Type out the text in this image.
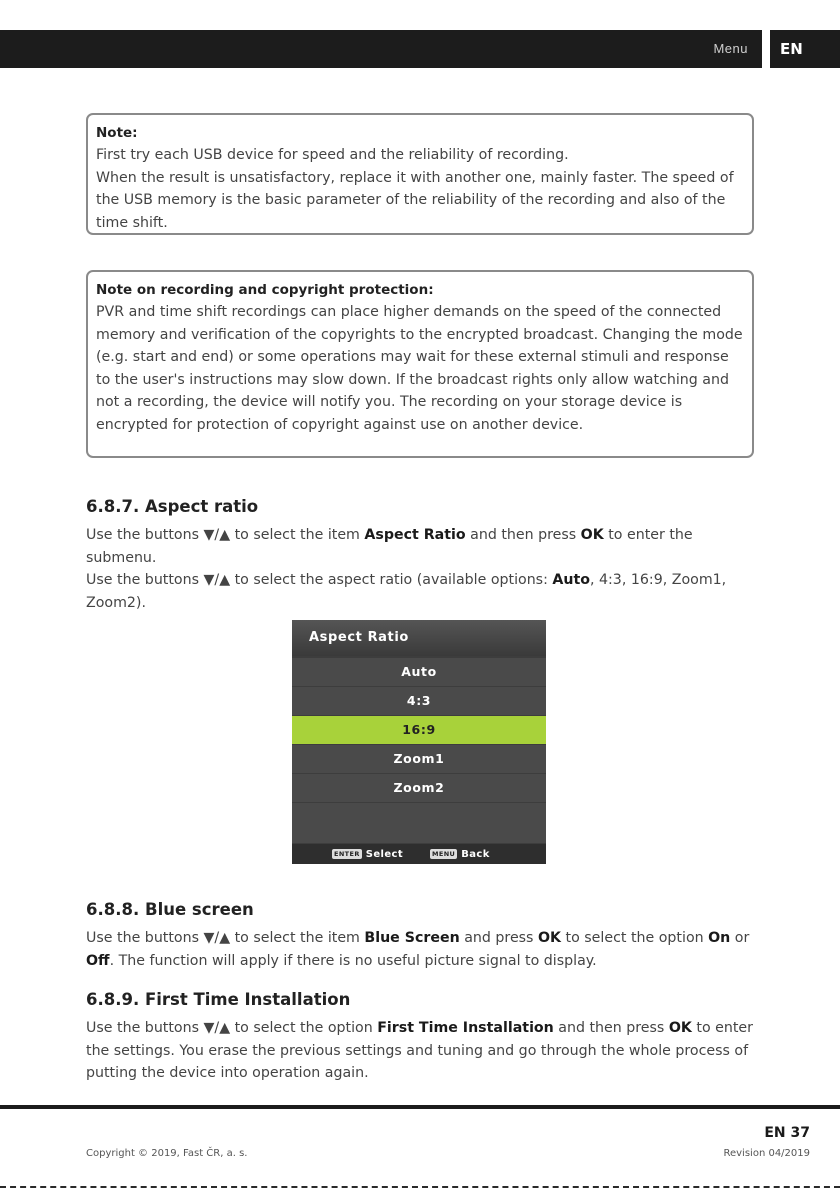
Menu	EN
Note:

First try each USB device for speed and the reliability of recording.

When the result is unsatisfactory, replace it with another one, mainly faster. The speed of the USB memory is the basic parameter of the reliability of the recording and also of the time shift.

Note on recording and copyright protection:

PVR and time shift recordings can place higher demands on the speed of the connected memory and verification of the copyrights to the encrypted broadcast. Changing the mode (e.g. start and end) or some operations may wait for these external stimuli and response to the user's instructions may slow down. If the broadcast rights only allow watching and not a recording, the device will notify you. The recording on your storage device is encrypted for protection of copyright against use on another device.

6.8.7. Aspect ratio
Use the buttons ▼/▲ to select the item Aspect Ratio and then press OK to enter the submenu.
Use the buttons ▼/▲ to select the aspect ratio (available options: Auto, 4:3, 16:9, Zoom1, Zoom2).
Aspect Ratio
Auto
4:3
16:9
Zoom1
Zoom2
ENTER Select	MENU Back
6.8.8. Blue screen
Use the buttons ▼/▲ to select the item Blue Screen and press OK to select the option On or Off. The function will apply if there is no useful picture signal to display.
6.8.9. First Time Installation
Use the buttons ▼/▲ to select the option First Time Installation and then press OK to enter the settings. You erase the previous settings and tuning and go through the whole process of putting the device into operation again.
EN 37
Copyright © 2019, Fast ČR, a. s.	Revision 04/2019
